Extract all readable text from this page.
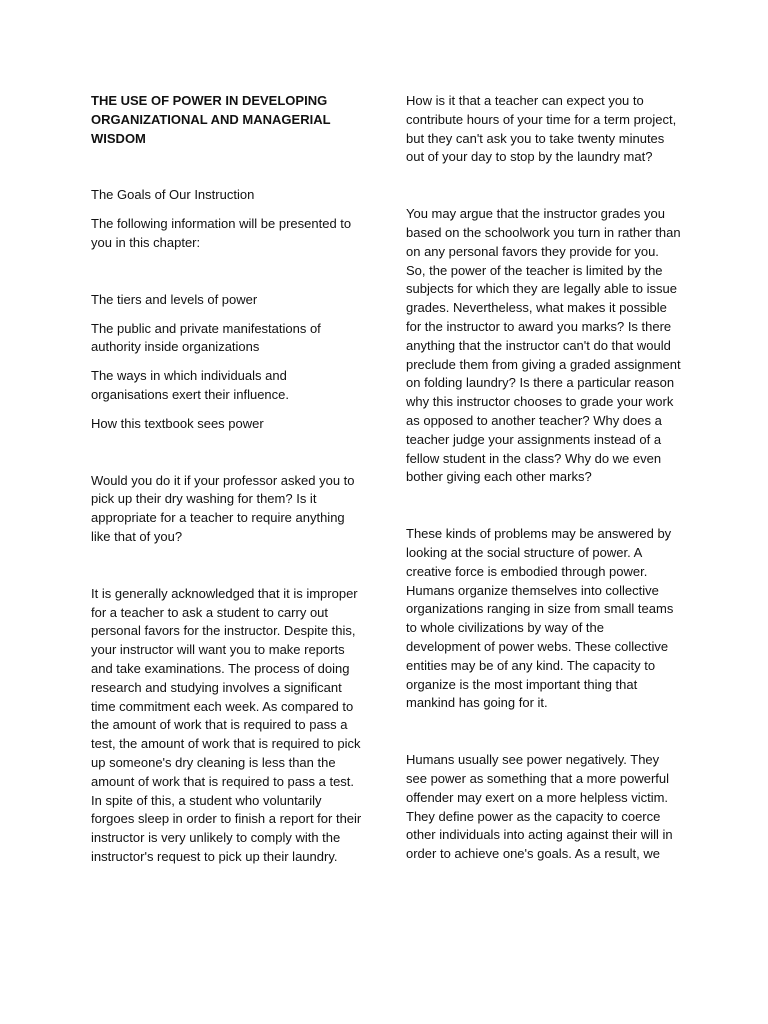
THE USE OF POWER IN DEVELOPING ORGANIZATIONAL AND MANAGERIAL WISDOM

The Goals of Our Instruction

The following information will be presented to you in this chapter:

The tiers and levels of power

The public and private manifestations of authority inside organizations

The ways in which individuals and organisations exert their influence.

How this textbook sees power

Would you do it if your professor asked you to pick up their dry washing for them? Is it appropriate for a teacher to require anything like that of you?

It is generally acknowledged that it is improper for a teacher to ask a student to carry out personal favors for the instructor. Despite this, your instructor will want you to make reports and take examinations. The process of doing research and studying involves a significant time commitment each week. As compared to the amount of work that is required to pass a test, the amount of work that is required to pick up someone's dry cleaning is less than the amount of work that is required to pass a test. In spite of this, a student who voluntarily forgoes sleep in order to finish a report for their instructor is very unlikely to comply with the instructor's request to pick up their laundry.

How is it that a teacher can expect you to contribute hours of your time for a term project, but they can't ask you to take twenty minutes out of your day to stop by the laundry mat?

You may argue that the instructor grades you based on the schoolwork you turn in rather than on any personal favors they provide for you. So, the power of the teacher is limited by the subjects for which they are legally able to issue grades. Nevertheless, what makes it possible for the instructor to award you marks? Is there anything that the instructor can't do that would preclude them from giving a graded assignment on folding laundry? Is there a particular reason why this instructor chooses to grade your work as opposed to another teacher? Why does a teacher judge your assignments instead of a fellow student in the class? Why do we even bother giving each other marks?

These kinds of problems may be answered by looking at the social structure of power. A creative force is embodied through power. Humans organize themselves into collective organizations ranging in size from small teams to whole civilizations by way of the development of power webs. These collective entities may be of any kind. The capacity to organize is the most important thing that mankind has going for it.

Humans usually see power negatively. They see power as something that a more powerful offender may exert on a more helpless victim. They define power as the capacity to coerce other individuals into acting against their will in order to achieve one's goals. As a result, we
